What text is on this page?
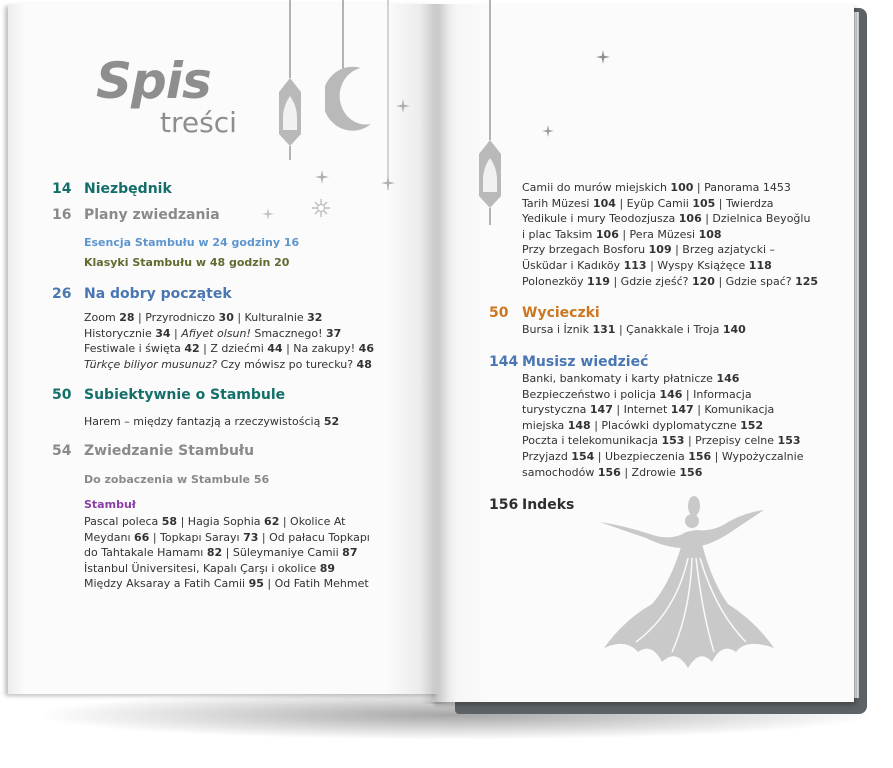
Spis
treści
14 Niezbędnik
16 Plany zwiedzania
Esencja Stambułu w 24 godziny 16
Klasyki Stambułu w 48 godzin 20
26 Na dobry początek
Zoom 28 | Przyrodniczo 30 | Kulturalnie 32
Historycznie 34 | Afiyet olsun! Smacznego! 37
Festiwale i święta 42 | Z dziećmi 44 | Na zakupy! 46
Türkçe biliyor musunuz? Czy mówisz po turecku? 48
50 Subiektywnie o Stambule
Harem – między fantazją a rzeczywistością 52
54 Zwiedzanie Stambułu
Do zobaczenia w Stambule 56
Stambuł
Pascal poleca 58 | Hagia Sophia 62 | Okolice At
Meydanı 66 | Topkapı Sarayı 73 | Od pałacu Topkapı
do Tahtakale Hamamı 82 | Süleymaniye Camii 87
İstanbul Üniversitesi, Kapalı Çarşı i okolice 89
Między Aksaray a Fatih Camii 95 | Od Fatih Mehmet
Camii do murów miejskich 100 | Panorama 1453
Tarih Müzesi 104 | Eyüp Camii 105 | Twierdza
Yedikule i mury Teodozjusza 106 | Dzielnica Beyoğlu
i plac Taksim 106 | Pera Müzesi 108
Przy brzegach Bosforu 109 | Brzeg azjatycki –
Üsküdar i Kadıköy 113 | Wyspy Książęce 118
Polonezköy 119 | Gdzie zjeść? 120 | Gdzie spać? 125
50 Wycieczki
Bursa i İznik 131 | Çanakkale i Troja 140
144 Musisz wiedzieć
Banki, bankomaty i karty płatnicze 146
Bezpieczeństwo i policja 146 | Informacja
turystyczna 147 | Internet 147 | Komunikacja
miejska 148 | Placówki dyplomatyczne 152
Poczta i telekomunikacja 153 | Przepisy celne 153
Przyjazd 154 | Ubezpieczenia 156 | Wypożyczalnie
samochodów 156 | Zdrowie 156
156 Indeks
